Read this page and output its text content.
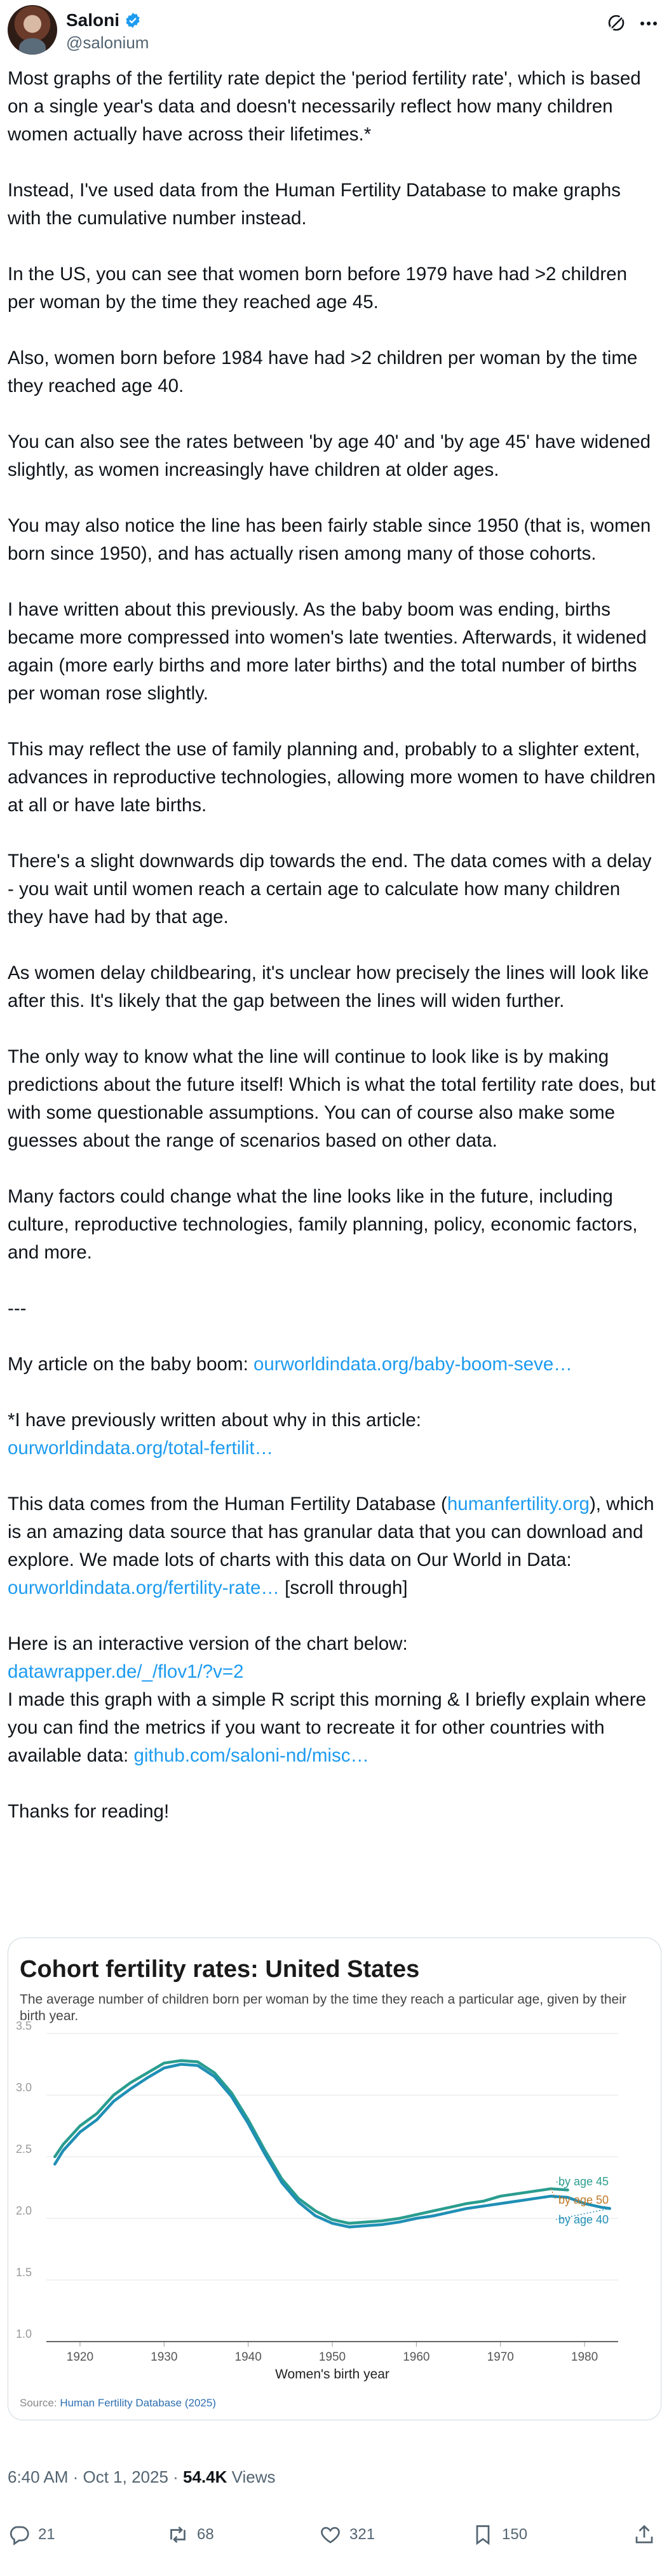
Saloni
@salonium
Most graphs of the fertility rate depict the 'period fertility rate', which is based on a single year's data and doesn't necessarily reflect how many children women actually have across their lifetimes.*
Instead, I've used data from the Human Fertility Database to make graphs with the cumulative number instead.
In the US, you can see that women born before 1979 have had >2 children per woman by the time they reached age 45.
Also, women born before 1984 have had >2 children per woman by the time they reached age 40.
You can also see the rates between 'by age 40' and 'by age 45' have widened slightly, as women increasingly have children at older ages.
You may also notice the line has been fairly stable since 1950 (that is, women born since 1950), and has actually risen among many of those cohorts.
I have written about this previously. As the baby boom was ending, births became more compressed into women's late twenties. Afterwards, it widened again (more early births and more later births) and the total number of births per woman rose slightly.
This may reflect the use of family planning and, probably to a slighter extent, advances in reproductive technologies, allowing more women to have children at all or have late births.
There's a slight downwards dip towards the end. The data comes with a delay - you wait until women reach a certain age to calculate how many children they have had by that age.
As women delay childbearing, it's unclear how precisely the lines will look like after this. It's likely that the gap between the lines will widen further.
The only way to know what the line will continue to look like is by making predictions about the future itself! Which is what the total fertility rate does, but with some questionable assumptions. You can of course also make some guesses about the range of scenarios based on other data.
Many factors could change what the line looks like in the future, including culture, reproductive technologies, family planning, policy, economic factors, and more.
---
My article on the baby boom: ourworldindata.org/baby-boom-seve…
*I have previously written about why in this article:
ourworldindata.org/total-fertilit…
This data comes from the Human Fertility Database (humanfertility.org), which is an amazing data source that has granular data that you can download and explore. We made lots of charts with this data on Our World in Data: ourworldindata.org/fertility-rate… [scroll through]
Here is an interactive version of the chart below:
datawrapper.de/_/flov1/?v=2
I made this graph with a simple R script this morning & I briefly explain where you can find the metrics if you want to recreate it for other countries with available data: github.com/saloni-nd/misc…
Thanks for reading!
Cohort fertility rates: United States
The average number of children born per woman by the time they reach a particular age, given by their birth year.
1.0
1.5
2.0
2.5
3.0
3.5
1920	1930	1940	1950	1960	1970	1980
Women's birth year
by age 45
by age 50
by age 40
Source: Human Fertility Database (2025)
6:40 AM · Oct 1, 2025 · 54.4K Views
21	68	321	150
